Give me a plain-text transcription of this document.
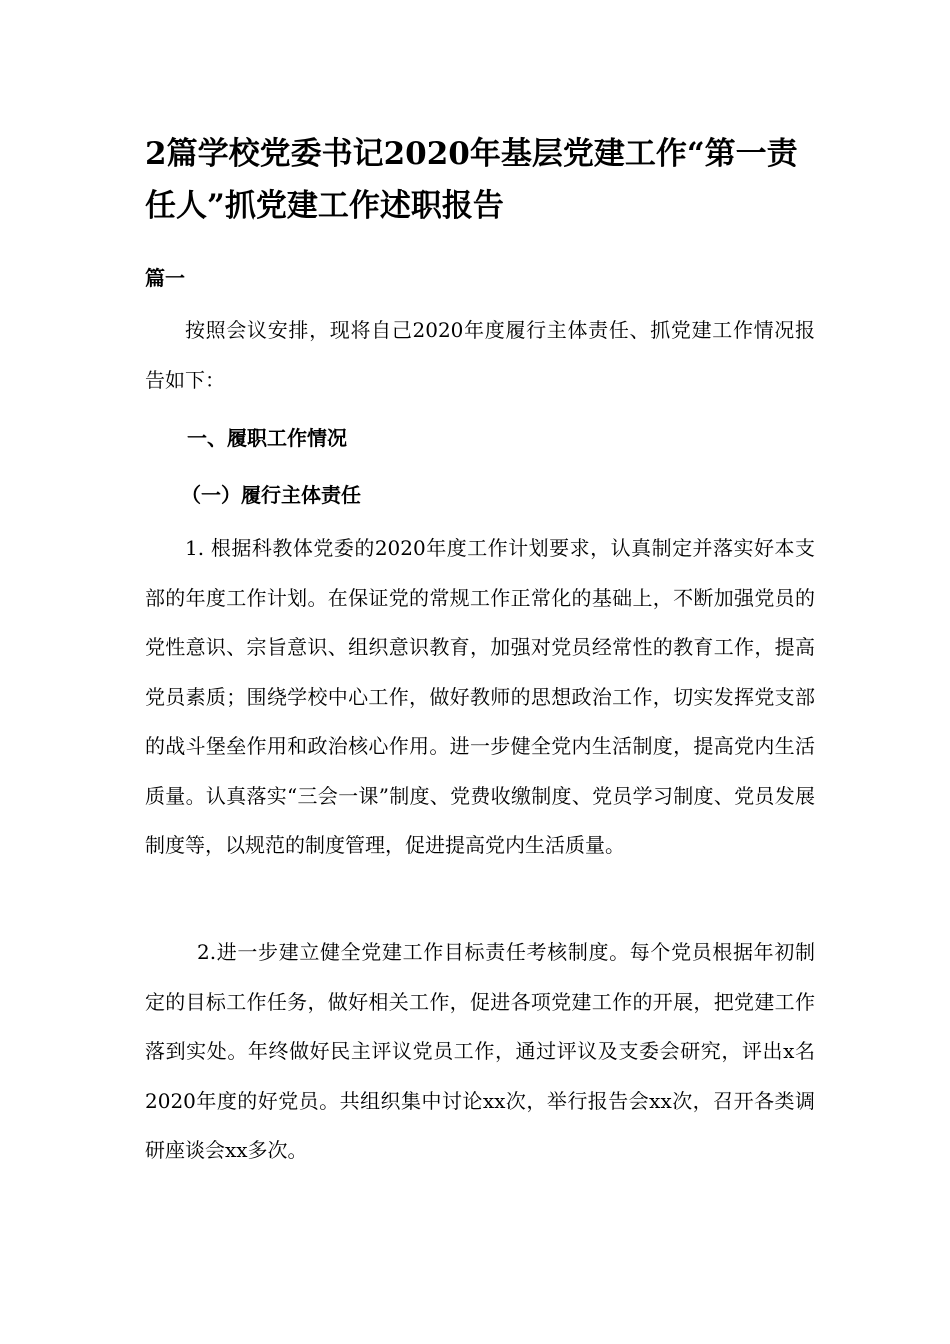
2篇学校党委书记2020年基层党建工作“第一责任人”抓党建工作述职报告
篇一

按照会议安排，现将自己2020年度履行主体责任、抓党建工作情况报告如下：

一、履职工作情况
（一）履行主体责任

1. 根据科教体党委的2020年度工作计划要求，认真制定并落实好本支部的年度工作计划。在保证党的常规工作正常化的基础上，不断加强党员的党性意识、宗旨意识、组织意识教育，加强对党员经常性的教育工作，提高党员素质；围绕学校中心工作，做好教师的思想政治工作，切实发挥党支部的战斗堡垒作用和政治核心作用。进一步健全党内生活制度，提高党内生活质量。认真落实“三会一课”制度、党费收缴制度、党员学习制度、党员发展制度等，以规范的制度管理，促进提高党内生活质量。

2.进一步建立健全党建工作目标责任考核制度。每个党员根据年初制定的目标工作任务，做好相关工作，促进各项党建工作的开展，把党建工作落到实处。年终做好民主评议党员工作，通过评议及支委会研究，评出x名2020年度的好党员。共组织集中讨论xx次，举行报告会xx次，召开各类调研座谈会xx多次。
